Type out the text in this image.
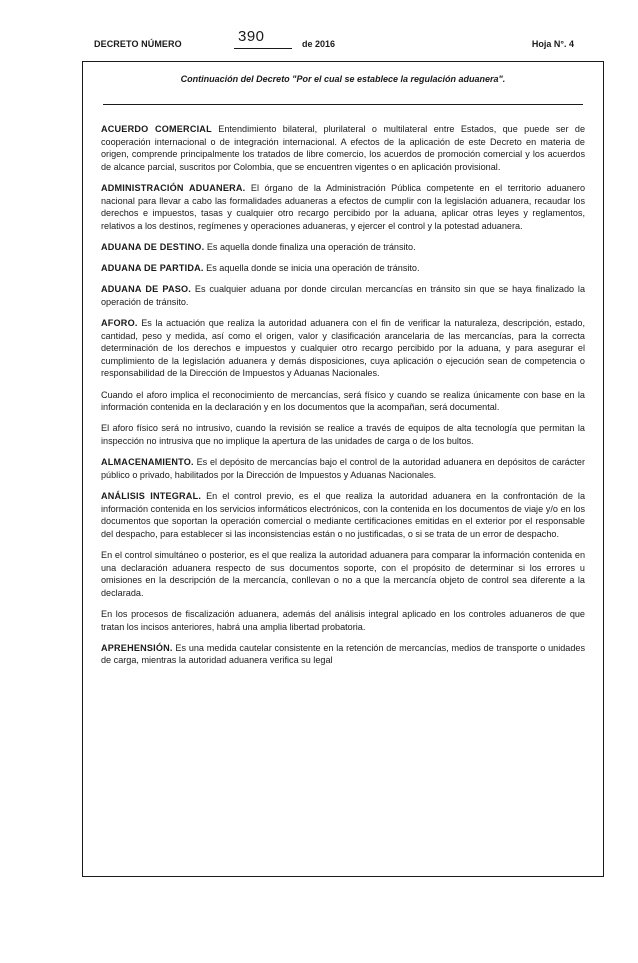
DECRETO NÚMERO	390	de 2016	Hoja N°. 4
Continuación del Decreto "Por el cual se establece la regulación aduanera".

ACUERDO COMERCIAL Entendimiento bilateral, plurilateral o multilateral entre Estados, que puede ser de cooperación internacional o de integración internacional. A efectos de la aplicación de este Decreto en materia de origen, comprende principalmente los tratados de libre comercio, los acuerdos de promoción comercial y los acuerdos de alcance parcial, suscritos por Colombia, que se encuentren vigentes o en aplicación provisional.

ADMINISTRACIÓN ADUANERA. El órgano de la Administración Pública competente en el territorio aduanero nacional para llevar a cabo las formalidades aduaneras a efectos de cumplir con la legislación aduanera, recaudar los derechos e impuestos, tasas y cualquier otro recargo percibido por la aduana, aplicar otras leyes y reglamentos, relativos a los destinos, regímenes y operaciones aduaneras, y ejercer el control y la potestad aduanera.

ADUANA DE DESTINO. Es aquella donde finaliza una operación de tránsito.

ADUANA DE PARTIDA. Es aquella donde se inicia una operación de tránsito.

ADUANA DE PASO. Es cualquier aduana por donde circulan mercancías en tránsito sin que se haya finalizado la operación de tránsito.

AFORO. Es la actuación que realiza la autoridad aduanera con el fin de verificar la naturaleza, descripción, estado, cantidad, peso y medida, así como el origen, valor y clasificación arancelaria de las mercancías, para la correcta determinación de los derechos e impuestos y cualquier otro recargo percibido por la aduana, y para asegurar el cumplimiento de la legislación aduanera y demás disposiciones, cuya aplicación o ejecución sean de competencia o responsabilidad de la Dirección de Impuestos y Aduanas Nacionales.

Cuando el aforo implica el reconocimiento de mercancías, será físico y cuando se realiza únicamente con base en la información contenida en la declaración y en los documentos que la acompañan, será documental.

El aforo físico será no intrusivo, cuando la revisión se realice a través de equipos de alta tecnología que permitan la inspección no intrusiva que no implique la apertura de las unidades de carga o de los bultos.

ALMACENAMIENTO. Es el depósito de mercancías bajo el control de la autoridad aduanera en depósitos de carácter público o privado, habilitados por la Dirección de Impuestos y Aduanas Nacionales.

ANÁLISIS INTEGRAL. En el control previo, es el que realiza la autoridad aduanera en la confrontación de la información contenida en los servicios informáticos electrónicos, con la contenida en los documentos de viaje y/o en los documentos que soportan la operación comercial o mediante certificaciones emitidas en el exterior por el responsable del despacho, para establecer si las inconsistencias están o no justificadas, o si se trata de un error de despacho.

En el control simultáneo o posterior, es el que realiza la autoridad aduanera para comparar la información contenida en una declaración aduanera respecto de sus documentos soporte, con el propósito de determinar si los errores u omisiones en la descripción de la mercancía, conllevan o no a que la mercancía objeto de control sea diferente a la declarada.

En los procesos de fiscalización aduanera, además del análisis integral aplicado en los controles aduaneros de que tratan los incisos anteriores, habrá una amplia libertad probatoria.

APREHENSIÓN. Es una medida cautelar consistente en la retención de mercancías, medios de transporte o unidades de carga, mientras la autoridad aduanera verifica su legal
